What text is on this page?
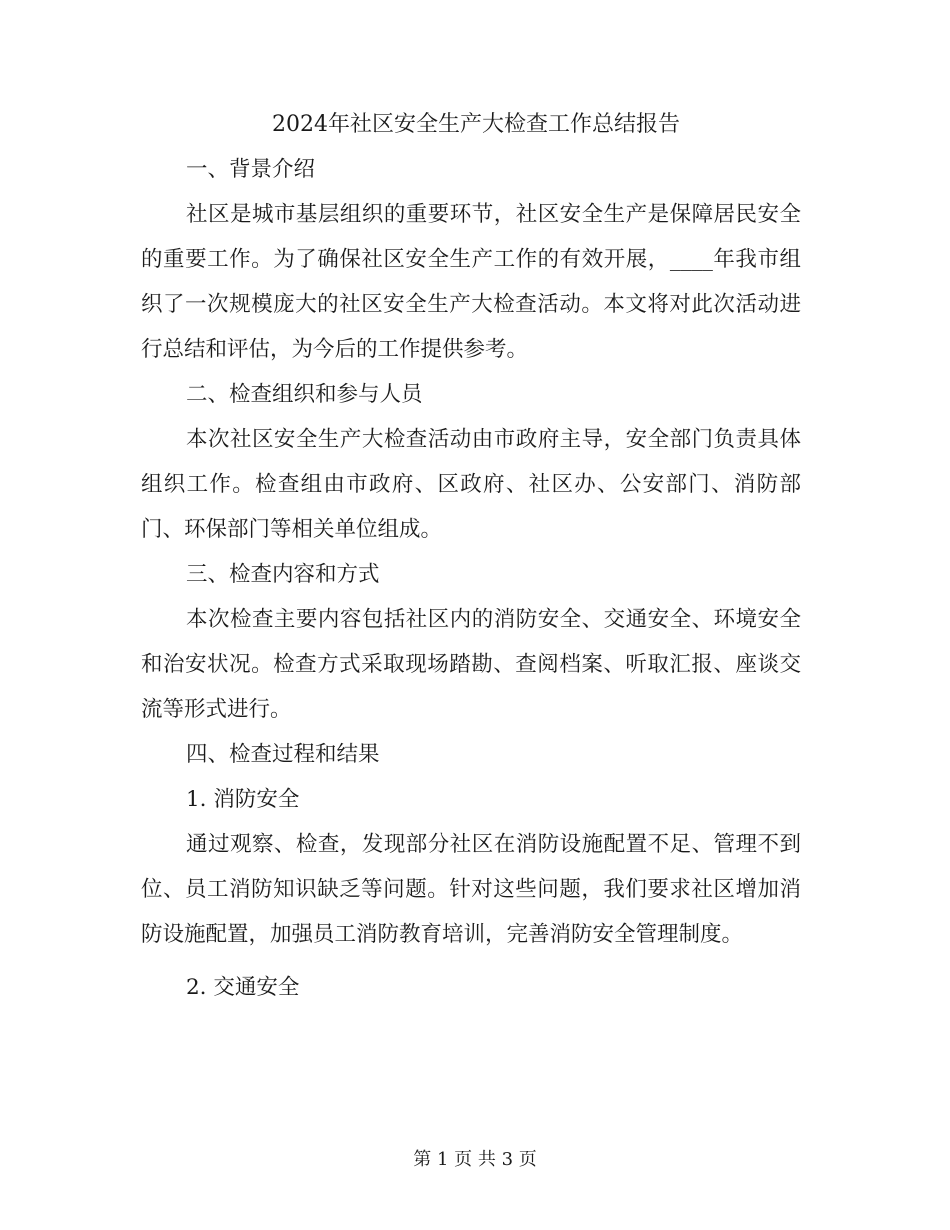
2024年社区安全生产大检查工作总结报告

一、背景介绍

社区是城市基层组织的重要环节，社区安全生产是保障居民安全的重要工作。为了确保社区安全生产工作的有效开展，____年我市组织了一次规模庞大的社区安全生产大检查活动。本文将对此次活动进行总结和评估，为今后的工作提供参考。

二、检查组织和参与人员

本次社区安全生产大检查活动由市政府主导，安全部门负责具体组织工作。检查组由市政府、区政府、社区办、公安部门、消防部门、环保部门等相关单位组成。

三、检查内容和方式

本次检查主要内容包括社区内的消防安全、交通安全、环境安全和治安状况。检查方式采取现场踏勘、查阅档案、听取汇报、座谈交流等形式进行。

四、检查过程和结果

1. 消防安全

通过观察、检查，发现部分社区在消防设施配置不足、管理不到位、员工消防知识缺乏等问题。针对这些问题，我们要求社区增加消防设施配置，加强员工消防教育培训，完善消防安全管理制度。

2. 交通安全

第 1 页 共 3 页
